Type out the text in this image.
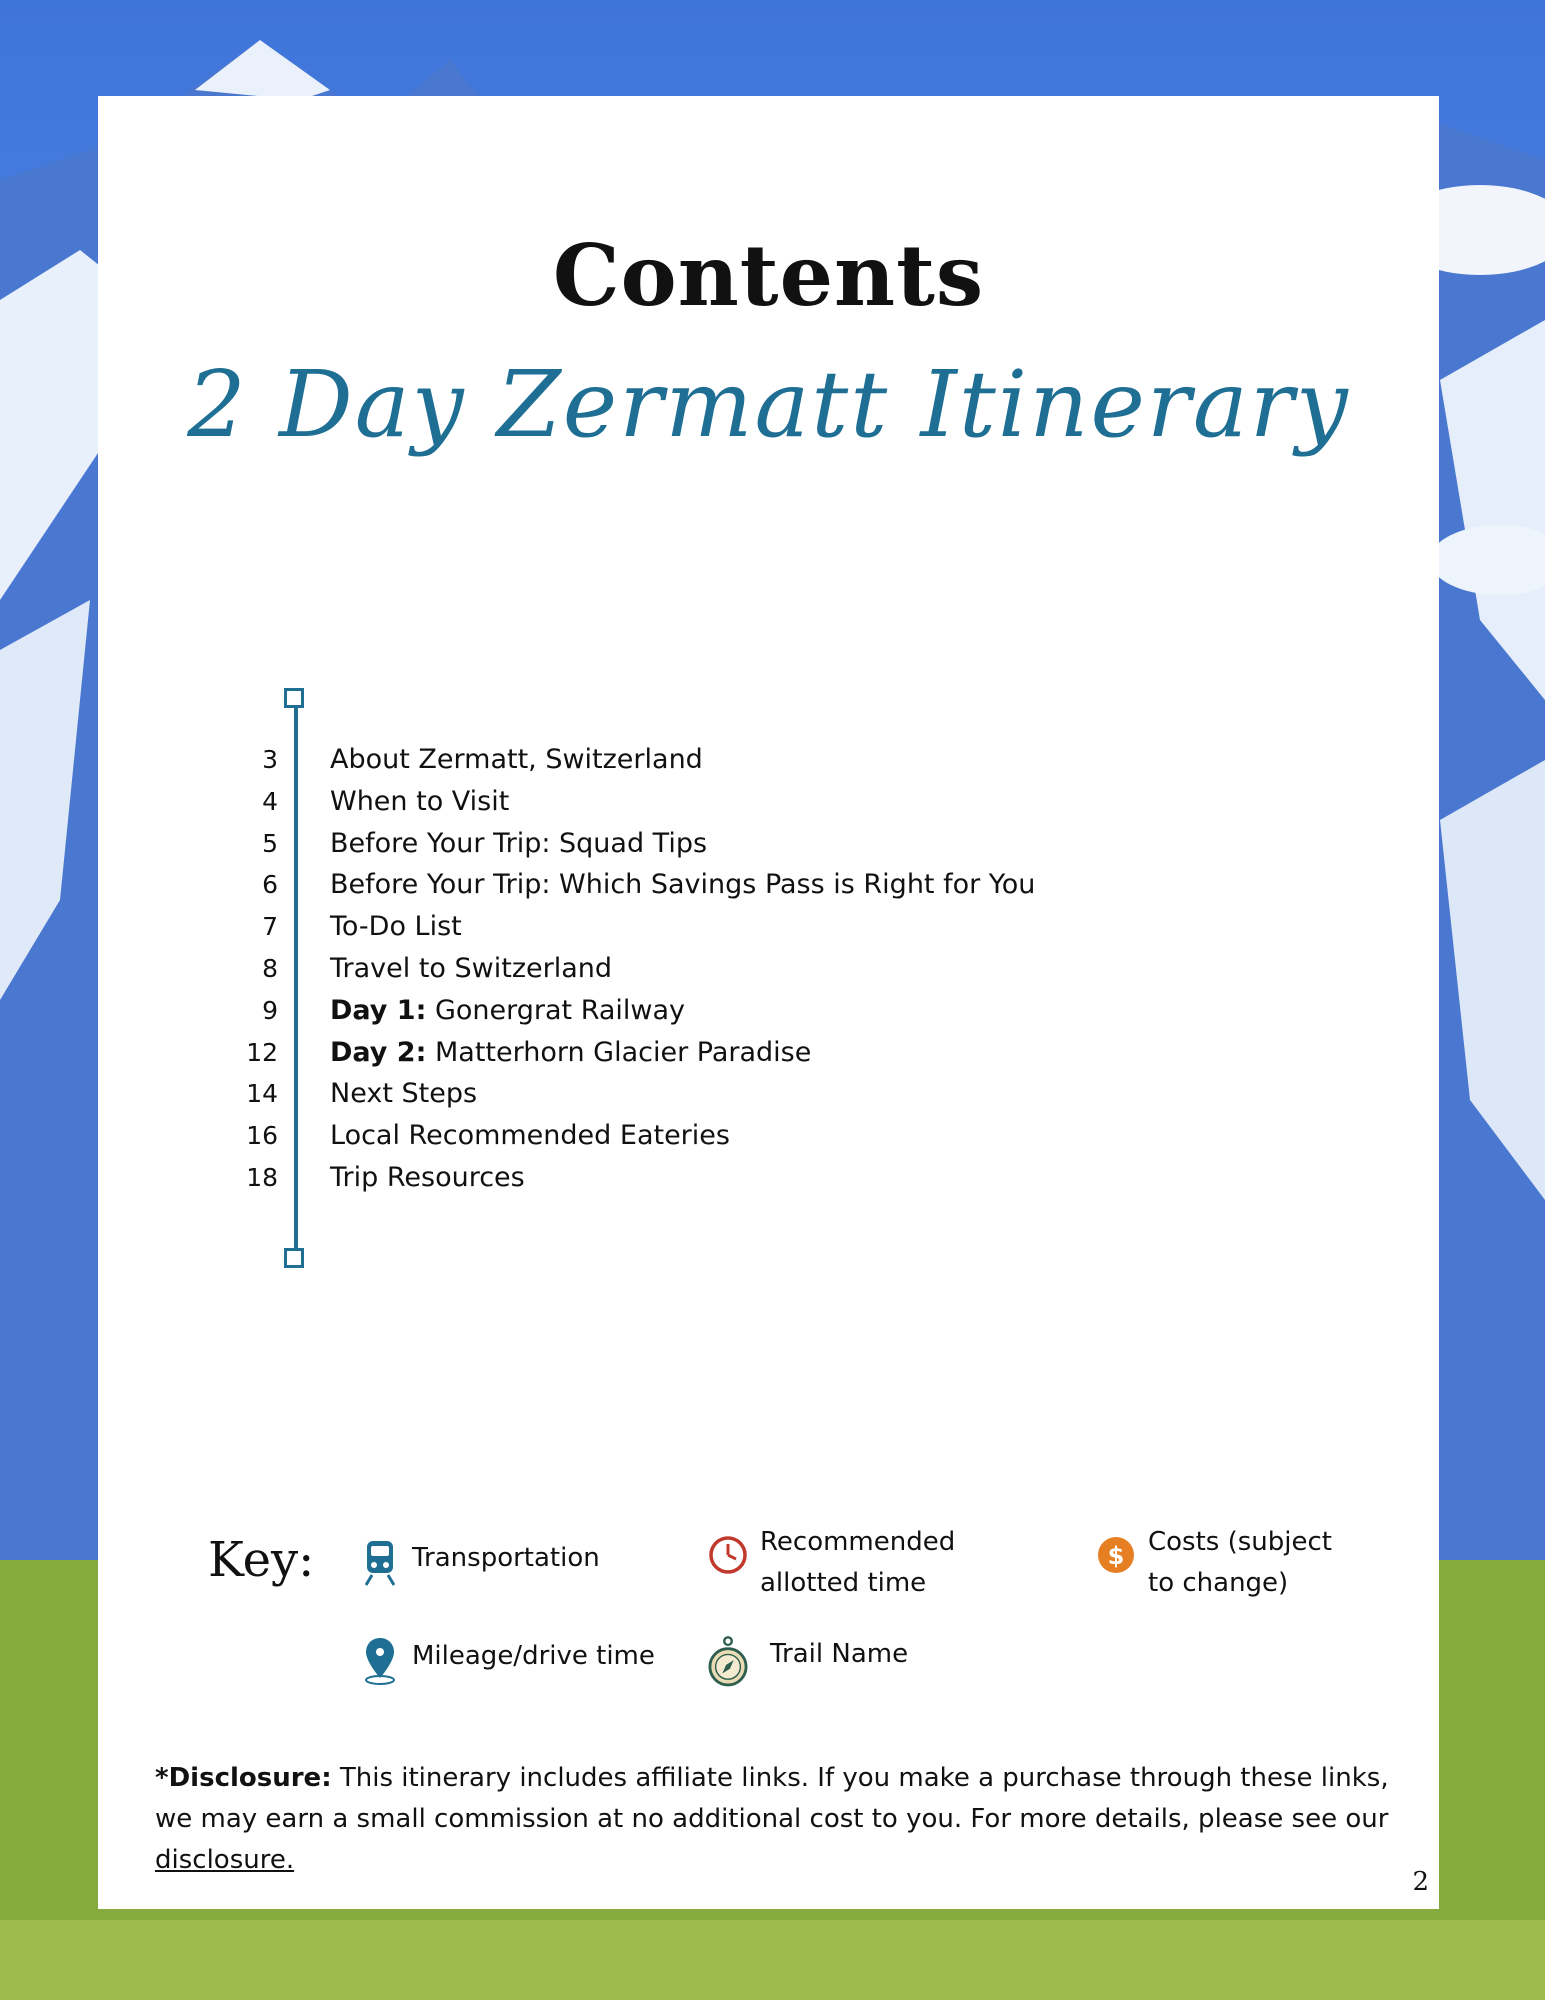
Contents
2 Day Zermatt Itinerary
3 About Zermatt, Switzerland
4 When to Visit
5 Before Your Trip: Squad Tips
6 Before Your Trip: Which Savings Pass is Right for You
7 To-Do List
8 Travel to Switzerland
9 Day 1: Gonergrat Railway
12 Day 2: Matterhorn Glacier Paradise
14 Next Steps
16 Local Recommended Eateries
18 Trip Resources
Key:	Transportation
Recommended
allotted time
$ Costs (subject
to change)
Mileage/drive time	Trail Name
*Disclosure: This itinerary includes affiliate links. If you make a purchase through these links, we may earn a small commission at no additional cost to you. For more details, please see our disclosure.
2
